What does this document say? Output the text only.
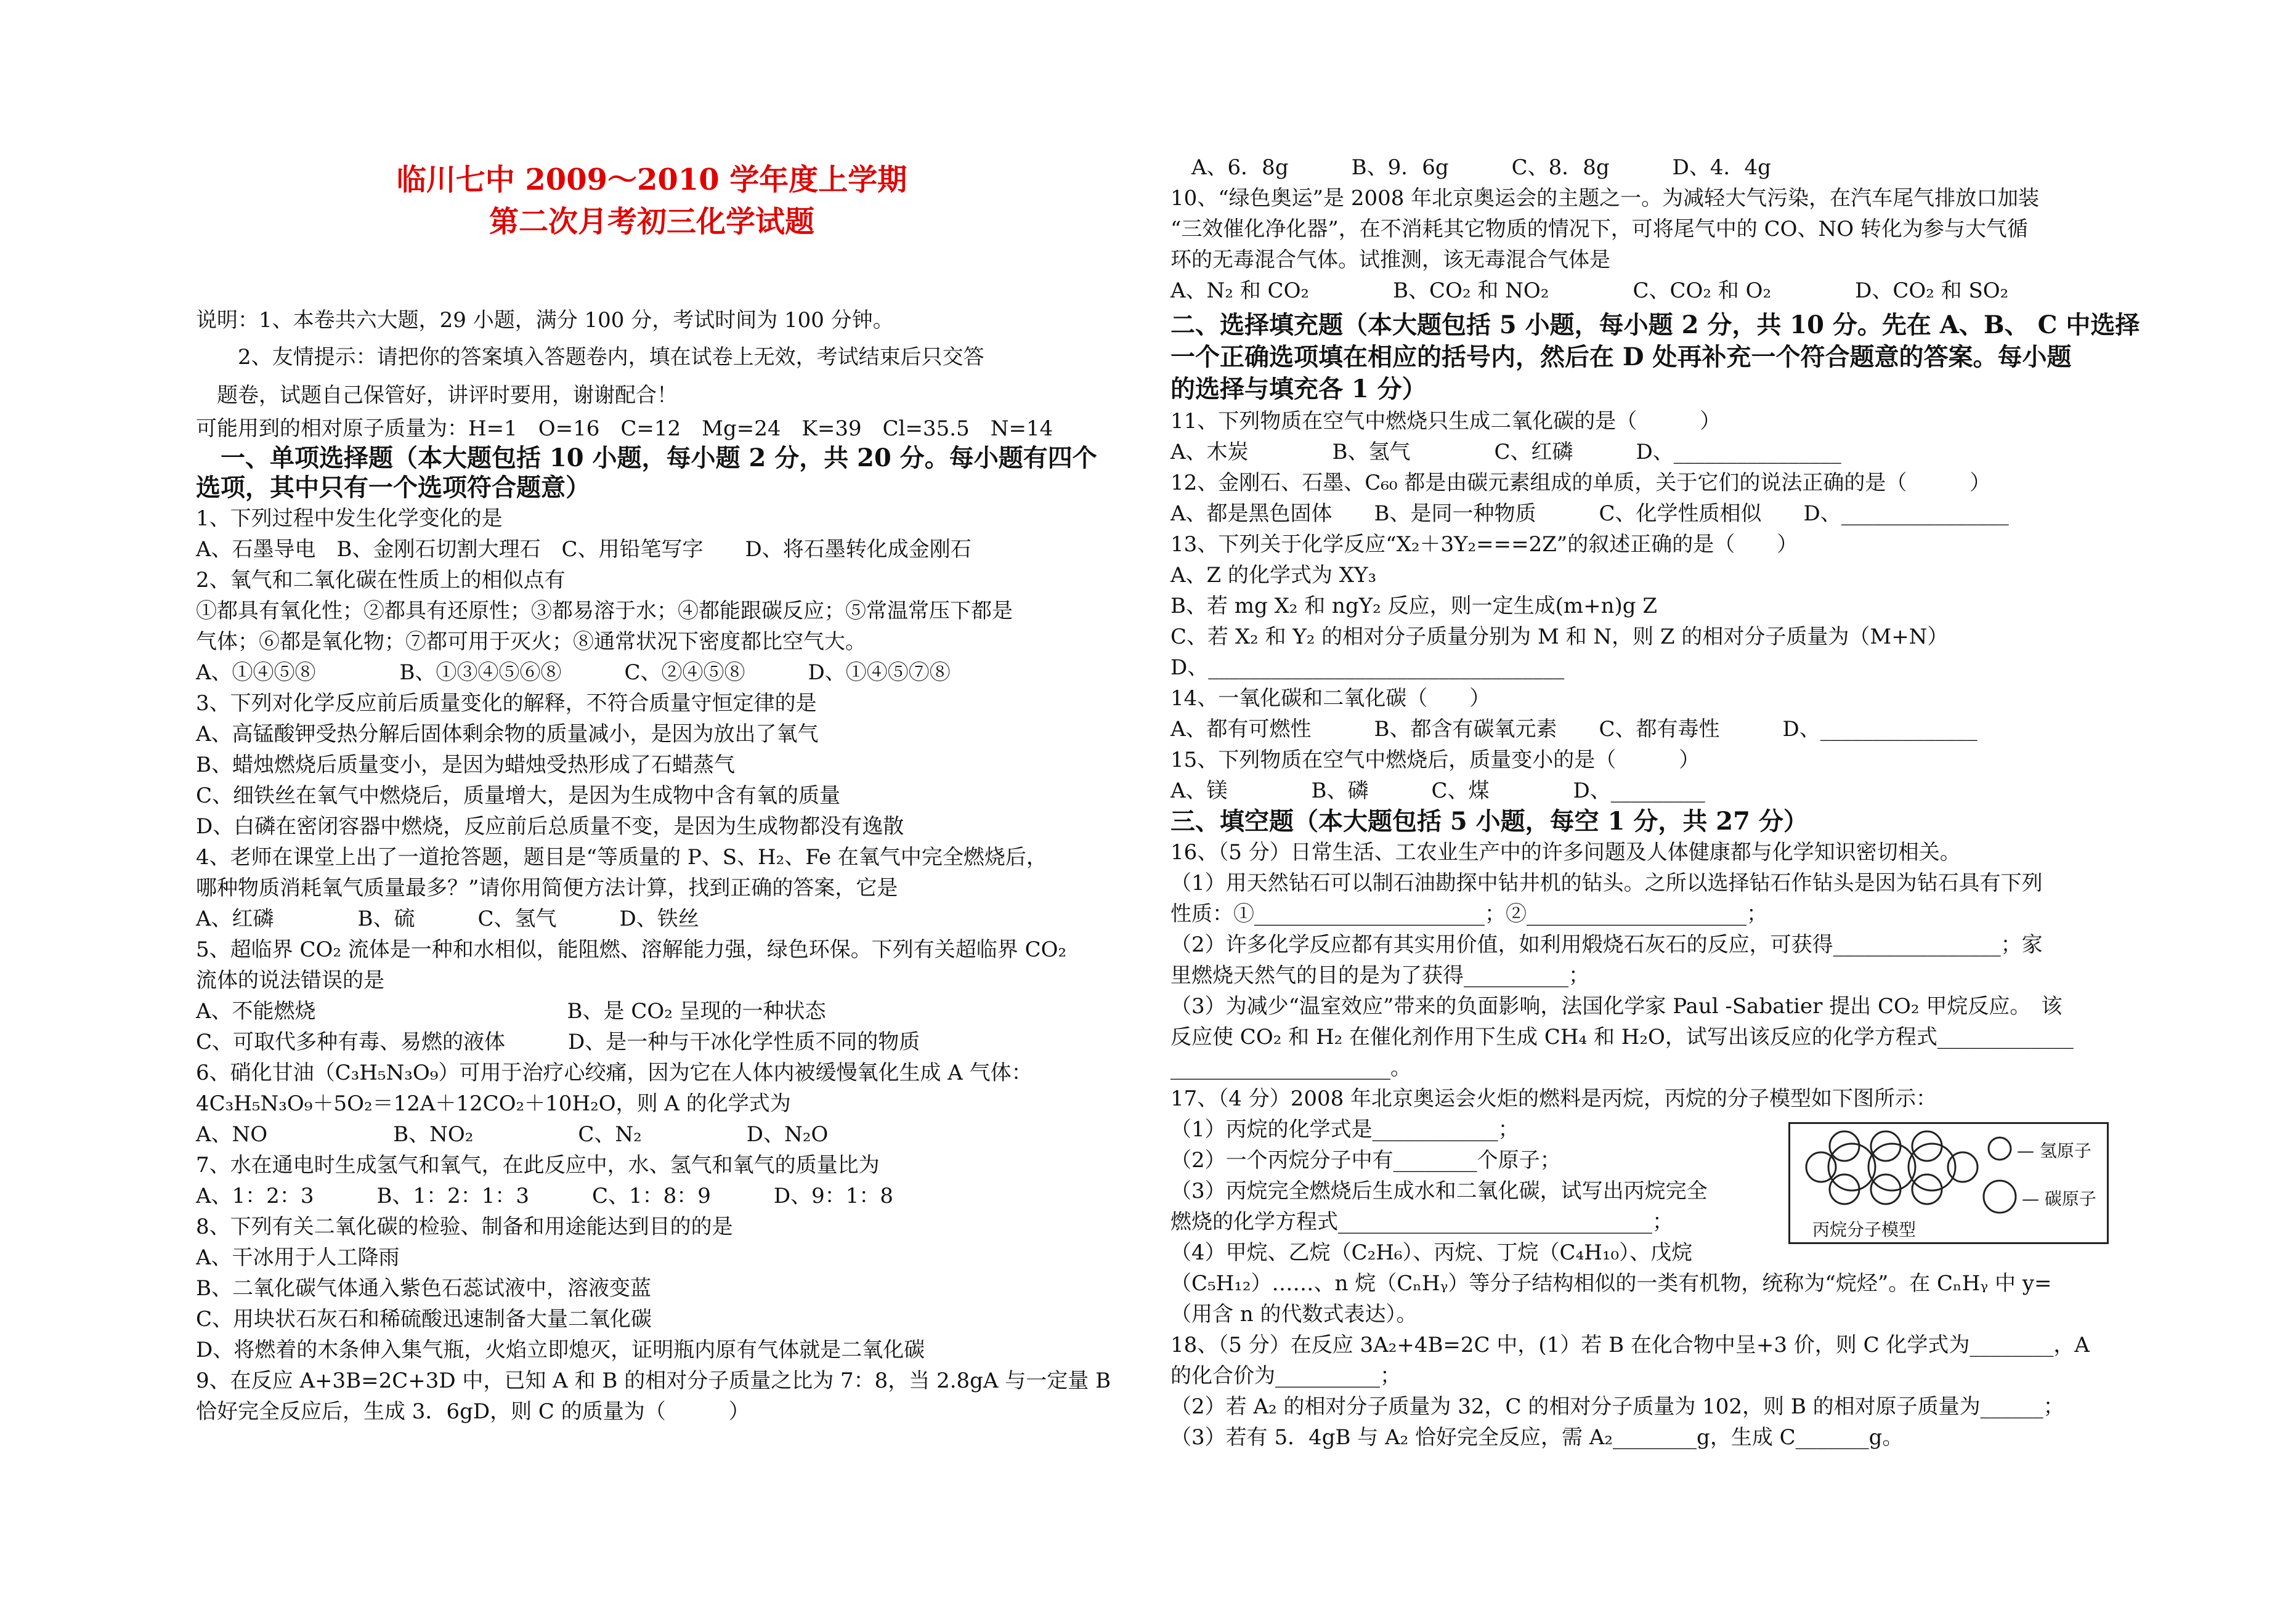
临川七中 2009～2010 学年度上学期
第二次月考初三化学试题
说明：1、本卷共六大题，29 小题，满分 100 分，考试时间为 100 分钟。
　　2、友情提示：请把你的答案填入答题卷内，填在试卷上无效，考试结束后只交答
　题卷，试题自己保管好，讲评时要用，谢谢配合！
可能用到的相对原子质量为：H=1　O=16　C=12　Mg=24　K=39　Cl=35.5　N=14
　一、单项选择题（本大题包括 10 小题，每小题 2 分，共 20 分。每小题有四个
选项，其中只有一个选项符合题意）
1、下列过程中发生化学变化的是
A、石墨导电　B、金刚石切割大理石　C、用铅笔写字　　D、将石墨转化成金刚石
2、氧气和二氧化碳在性质上的相似点有
①都具有氧化性；②都具有还原性；③都易溶于水；④都能跟碳反应；⑤常温常压下都是
气体；⑥都是氧化物；⑦都可用于灭火；⑧通常状况下密度都比空气大。
A、①④⑤⑧　　　　B、①③④⑤⑥⑧　　　C、②④⑤⑧　　　D、①④⑤⑦⑧
3、下列对化学反应前后质量变化的解释，不符合质量守恒定律的是
A、高锰酸钾受热分解后固体剩余物的质量减小，是因为放出了氧气
B、蜡烛燃烧后质量变小，是因为蜡烛受热形成了石蜡蒸气
C、细铁丝在氧气中燃烧后，质量增大，是因为生成物中含有氧的质量
D、白磷在密闭容器中燃烧，反应前后总质量不变，是因为生成物都没有逸散
4、老师在课堂上出了一道抢答题，题目是“等质量的 P、S、H₂、Fe 在氧气中完全燃烧后，
哪种物质消耗氧气质量最多？”请你用简便方法计算，找到正确的答案，它是
A、红磷　　　　B、硫　　　C、氢气　　　D、铁丝
5、超临界 CO₂ 流体是一种和水相似，能阻燃、溶解能力强，绿色环保。下列有关超临界 CO₂
流体的说法错误的是
A、不能燃烧　　　　　　　　　　　　B、是 CO₂ 呈现的一种状态
C、可取代多种有毒、易燃的液体　　　D、是一种与干冰化学性质不同的物质
6、硝化甘油（C₃H₅N₃O₉）可用于治疗心绞痛，因为它在人体内被缓慢氧化生成 A 气体：
4C₃H₅N₃O₉＋5O₂＝12A＋12CO₂＋10H₂O，则 A 的化学式为
A、NO　　　　　　B、NO₂　　　　　C、N₂　　　　　D、N₂O
7、水在通电时生成氢气和氧气，在此反应中，水、氢气和氧气的质量比为
A、1：2：3　　　B、1：2：1：3　　　C、1：8：9　　　D、9：1：8
8、下列有关二氧化碳的检验、制备和用途能达到目的的是
A、干冰用于人工降雨
B、二氧化碳气体通入紫色石蕊试液中，溶液变蓝
C、用块状石灰石和稀硫酸迅速制备大量二氧化碳
D、将燃着的木条伸入集气瓶，火焰立即熄灭，证明瓶内原有气体就是二氧化碳
9、在反应 A+3B=2C+3D 中，已知 A 和 B 的相对分子质量之比为 7：8，当 2.8gA 与一定量 B
恰好完全反应后，生成 3．6gD，则 C 的质量为（　　　）
　A、6．8g　　　B、9．6g　　　C、8．8g　　　D、4．4g
10、“绿色奥运”是 2008 年北京奥运会的主题之一。为减轻大气污染，在汽车尾气排放口加装
“三效催化净化器”，在不消耗其它物质的情况下，可将尾气中的 CO、NO 转化为参与大气循
环的无毒混合气体。试推测，该无毒混合气体是
A、N₂ 和 CO₂　　　　B、CO₂ 和 NO₂　　　　C、CO₂ 和 O₂　　　　D、CO₂ 和 SO₂
二、选择填充题（本大题包括 5 小题，每小题 2 分，共 10 分。先在 A、B、 C 中选择
一个正确选项填在相应的括号内，然后在 D 处再补充一个符合题意的答案。每小题
的选择与填充各 1 分）
11、下列物质在空气中燃烧只生成二氧化碳的是（　　　）
A、木炭　　　　B、氢气　　　　C、红磷　　　D、________________
12、金刚石、石墨、C₆₀ 都是由碳元素组成的单质，关于它们的说法正确的是（　　　）
A、都是黑色固体　　B、是同一种物质　　　C、化学性质相似　　D、________________
13、下列关于化学反应“X₂＋3Y₂===2Z”的叙述正确的是（　　）
A、Z 的化学式为 XY₃
B、若 mg X₂ 和 ngY₂ 反应，则一定生成(m+n)g Z
C、若 X₂ 和 Y₂ 的相对分子质量分别为 M 和 N，则 Z 的相对分子质量为（M+N）
D、__________________________________
14、一氧化碳和二氧化碳（　　）
A、都有可燃性　　　B、都含有碳氧元素　　C、都有毒性　　　D、_______________
15、下列物质在空气中燃烧后，质量变小的是（　　　）
A、镁　　　　B、磷　　　C、煤　　　　D、_________
三、填空题（本大题包括 5 小题，每空 1 分，共 27 分）
16、（5 分）日常生活、工农业生产中的许多问题及人体健康都与化学知识密切相关。
（1）用天然钻石可以制石油勘探中钻井机的钻头。之所以选择钻石作钻头是因为钻石具有下列
性质：①______________________；②_____________________；
（2）许多化学反应都有其实用价值，如利用煅烧石灰石的反应，可获得________________；家
里燃烧天然气的目的是为了获得__________；
（3）为减少“温室效应”带来的负面影响，法国化学家 Paul -Sabatier 提出 CO₂ 甲烷反应。　该
反应使 CO₂ 和 H₂ 在催化剂作用下生成 CH₄ 和 H₂O，试写出该反应的化学方程式_____________
_____________________。
17、（4 分）2008 年北京奥运会火炬的燃料是丙烷，丙烷的分子模型如下图所示：
（1）丙烷的化学式是____________；
（2）一个丙烷分子中有________个原子；
（3）丙烷完全燃烧后生成水和二氧化碳，试写出丙烷完全
燃烧的化学方程式______________________________；
（4）甲烷、乙烷（C₂H₆）、丙烷、丁烷（C₄H₁₀）、戊烷
（C₅H₁₂）……、n 烷（CₙHᵧ）等分子结构相似的一类有机物，统称为“烷烃”。在 CₙHᵧ 中 y=
（用含 n 的代数式表达）。
18、（5 分）在反应 3A₂+4B=2C 中，(1）若 B 在化合物中呈+3 价，则 C 化学式为________，A
的化合价为__________；
（2）若 A₂ 的相对分子质量为 32，C 的相对分子质量为 102，则 B 的相对原子质量为______；
（3）若有 5．4gB 与 A₂ 恰好完全反应，需 A₂________g，生成 C_______g。
— 氢原子
— 碳原子
丙烷分子模型
